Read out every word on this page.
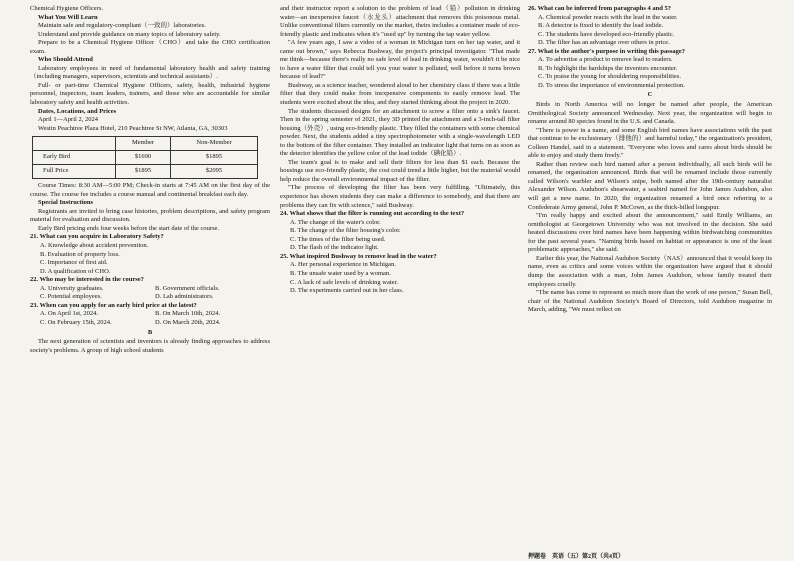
Chemical Hygiene Officers.

What You Will Learn

Maintain safe and regulatory-compliant（一致的）laboratories.

Understand and provide guidance on many topics of laboratory safety.

Prepare to be a Chemical Hygiene Officer（CHO）and take the CHO certification exam.

Who Should Attend

Laboratory employees in need of fundamental laboratory health and safety training（including managers, supervisors, scientists and technical assistants）.

Full- or part-time Chemical Hygiene Officers, safety, health, industrial hygiene personnel, inspectors, team leaders, trainers, and those who are accountable for similar laboratory safety and health activities.

Dates, Locations, and Prices

April 1—April 2, 2024

Westin Peachtree Plaza Hotel, 210 Peachtree St NW, Atlanta, GA, 30303

	Member	Non-Member
Early Bird	$1690	$1895
Full Price	$1895	$2095

Course Times: 8:30 AM—5:00 PM; Check-in starts at 7:45 AM on the first day of the course. The course fee includes a course manual and continental breakfast each day.

Special Instructions

Registrants are invited to bring case histories, problem descriptions, and safety program material for evaluation and discussion.

Early Bird pricing ends four weeks before the start date of the course.

21. What can you acquire in Laboratory Safety?

A. Knowledge about accident prevention.

B. Evaluation of property loss.

C. Importance of first aid.

D. A qualification of CHO.

22. Who may be interested in the course?

A. University graduates.	B. Government officials.
C. Potential employees.	D. Lab administrators.

23. When can you apply for an early bird price at the latest?

A. On April 1st, 2024.	B. On March 10th, 2024.
C. On February 15th, 2024.	D. On March 20th, 2024.

B

The next generation of scientists and inventors is already finding approaches to address society's problems. A group of high school students

and their instructor report a solution to the problem of lead（铅）pollution in drinking water—an inexpensive faucet（水龙头）attachment that removes this poisonous metal. Unlike conventional filters currently on the market, theirs includes a container made of eco-friendly plastic and indicates when it's "used up" by turning the tap water yellow.

"A few years ago, I saw a video of a woman in Michigan turn on her tap water, and it came out brown," says Rebecca Bushway, the project's principal investigator. "That made me think—because there's really no safe level of lead in drinking water, wouldn't it be nice to have a water filter that could tell you your water is polluted, well before it turns brown because of lead?"

Bushway, as a science teacher, wondered aloud to her chemistry class if there was a little filter that they could make from inexpensive components to easily remove lead. The students were excited about the idea, and they started thinking about the project in 2020.

The students discussed designs for an attachment to screw a filter onto a sink's faucet. Then in the spring semester of 2021, they 3D printed the attachment and a 3-inch-tall filter housing（外壳）, using eco-friendly plastic. They filled the containers with some chemical powder. Next, the students added a tiny spectrophotometer with a single-wavelength LED to the bottom of the filter container. They installed an indicator light that turns on as soon as the detector identifies the yellow color of the lead iodide（碘化铅）.

The team's goal is to make and sell their filters for less than $1 each. Because the housings use eco-friendly plastic, the cost could trend a little higher, but the material would help reduce the overall environmental impact of the filter.

"The process of developing the filter has been very fulfilling. "Ultimately, this experience has shown students they can make a difference to somebody, and that there are problems they can fix with science," said Bushway.

24. What shows that the filter is running out according to the text?

A. The change of the water's color.

B. The change of the filter housing's color.

C. The times of the filter being used.

D. The flash of the indicator light.

25. What inspired Bushway to remove lead in the water?

A. Her personal experience in Michigan.

B. The unsafe water used by a woman.

C. A lack of safe levels of drinking water.

D. The experiments carried out in her class.

26. What can be inferred from paragraphs 4 and 5?

A. Chemical powder reacts with the lead in the water.

B. A detector is fixed to identify the lead iodide.

C. The students have developed eco-friendly plastic.

D. The filter has an advantage over others in price.

27. What is the author's purpose in writing this passage?

A. To advertise a product to remove lead to readers.

B. To highlight the hardships the inventors encounter.

C. To praise the young for shouldering responsibilities.

D. To stress the importance of environmental protection.

C

Birds in North America will no longer be named after people, the American Ornithological Society announced Wednesday. Next year, the organization will begin to rename around 80 species found in the U.S. and Canada.

"There is power in a name, and some English bird names have associations with the past that continue to be exclusionary（排他的）and harmful today," the organization's president, Colleen Handel, said in a statement. "Everyone who loves and cares about birds should be able to enjoy and study them freely."

Rather than review each bird named after a person individually, all such birds will be renamed, the organization announced. Birds that will be renamed include those currently called Wilson's warbler and Wilson's snipe, both named after the 19th-century naturalist Alexander Wilson. Audubon's shearwater, a seabird named for John James Audubon, also will get a new name. In 2020, the organization renamed a bird once referring to a Confederate Army general, John P. McCown, as the thick-billed longspur.

"I'm really happy and excited about the announcement," said Emily Williams, an ornithologist at Georgetown University who was not involved in the decision. She said heated discussions over bird names have been happening within birdwatching communities for the past several years. "Naming birds based on habitat or appearance is one of the least problematic approaches," she said.

Earlier this year, the National Audubon Society（NAS）announced that it would keep its name, even as critics and some voices within the organization have argued that it should dump the association with a man, John James Audubon, whose family treated their employees cruelly.

"The name has come to represent so much more than the work of one person," Susan Bell, chair of the National Audubon Society's Board of Directors, told Audubon magazine in March, adding, "We must reflect on

押题卷　英语（五）第2页（共4页）
